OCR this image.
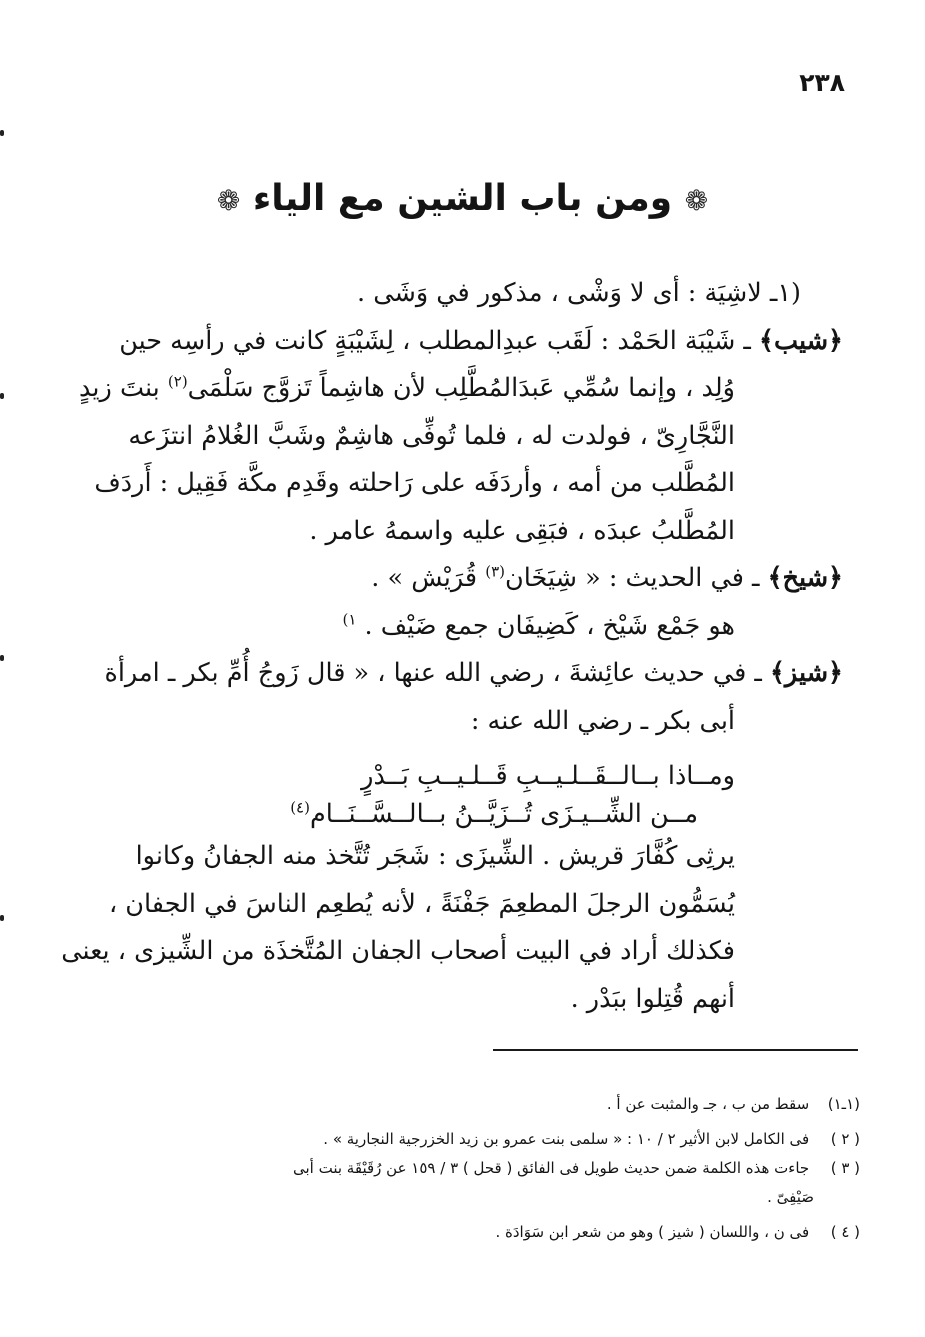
٢٣٨
❁ ومن باب الشين مع الياء ❁
(١ـ لاشِيَة : أى لا وَشْى ، مذكور في وَشَى .
﴿شيب﴾ ـ شَيْبَة الحَمْد : لَقَب عبدِالمطلب ، لِشَيْبَةٍ كانت في رأسِه حين
وُلِد ، وإنما سُمِّي عَبدَالمُطَّلِب لأن هاشِماً تَزوَّج سَلْمَى$^{(٢)}$ بنتَ زيدٍ
النَّجَّارِىّ ، فولدت له ، فلما تُوفِّى هاشِمٌ وشَبَّ الغُلامُ انتزَعه
المُطَّلب من أمه ، وأردَفَه على رَاحلته وقَدِم مكَّة فَقِيل : أَردَف
المُطَّلبُ عبدَه ، فبَقِى عليه واسمهُ عامر .
﴿شيخ﴾ ـ في الحديث : « شِيَخَان$^{(٣)}$ قُرَيْش » .
هو جَمْع شَيْخ ، كَضِيفَان جمع ضَيْف . $^{١)}$
﴿شيز﴾ ـ في حديث عائِشةَ ، رضي الله عنها ، « قال زَوجُ أُمِّ بكر ـ امرأة
أبى بكر ـ رضي الله عنه :
ومــاذا بــالــقَــلـيــبِ قَــلـيــبِ بَــدْرٍ
مــن الشِّــيـزَى تُــزَيَّــنُ بــالــسَّــنَــام$^{(٤)}$
يرثِى كُفَّارَ قريش . الشِّيزَى : شَجَر تُتَّخذ منه الجفانُ وكانوا
يُسَمُّون الرجلَ المطعِمَ جَفْنَةً ، لأنه يُطعِم الناسَ في الجفان ،
فكذلك أراد في البيت أصحاب الجفان المُتَّخذَة من الشِّيزى ، يعنى
أنهم قُتِلوا ببَدْر .
(١ـ١) سقط من ب ، جـ والمثبت عن أ .
( ٢ ) فى الكامل لابن الأثير ٢ / ١٠ : « سلمى بنت عمرو بن زيد الخزرجية النجارية » .
( ٣ ) جاءت هذه الكلمة ضمن حديث طويل فى الفائق ( قحل ) ٣ / ١٥٩ عن رُقَيْقَة بنت أبى
صَيْفِىّ .
( ٤ ) فى ن ، واللسان ( شيز ) وهو من شعر ابن سَوَادَة .
